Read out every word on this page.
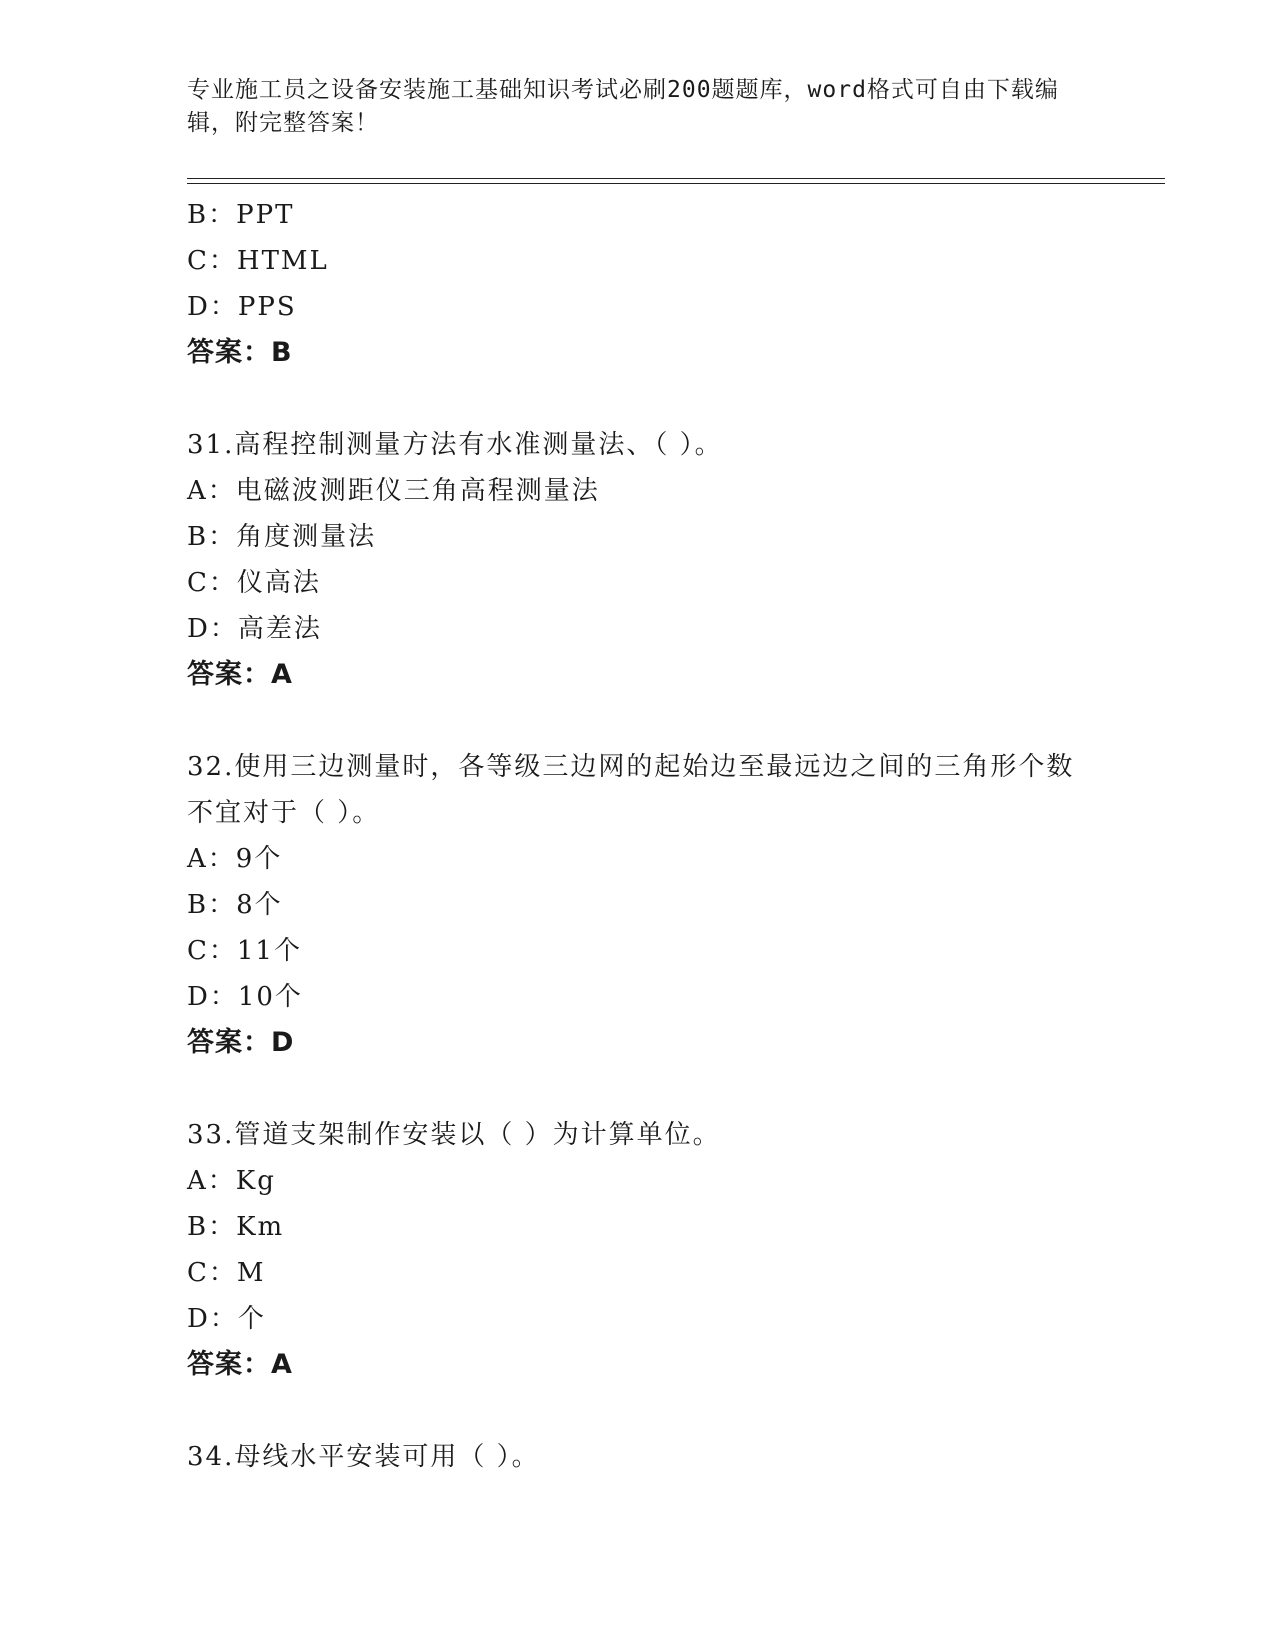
专业施工员之设备安装施工基础知识考试必刷200题题库，word格式可自由下载编辑，附完整答案！
B：PPT
C：HTML
D：PPS
答案：B
31.高程控制测量方法有水准测量法、（ ）。
A：电磁波测距仪三角高程测量法
B：角度测量法
C：仪高法
D：高差法
答案：A
32.使用三边测量时，各等级三边网的起始边至最远边之间的三角形个数不宜对于（ ）。
A：9个
B：8个
C：11个
D：10个
答案：D
33.管道支架制作安装以（ ）为计算单位。
A：Kg
B：Km
C：M
D：个
答案：A
34.母线水平安装可用（ ）。
